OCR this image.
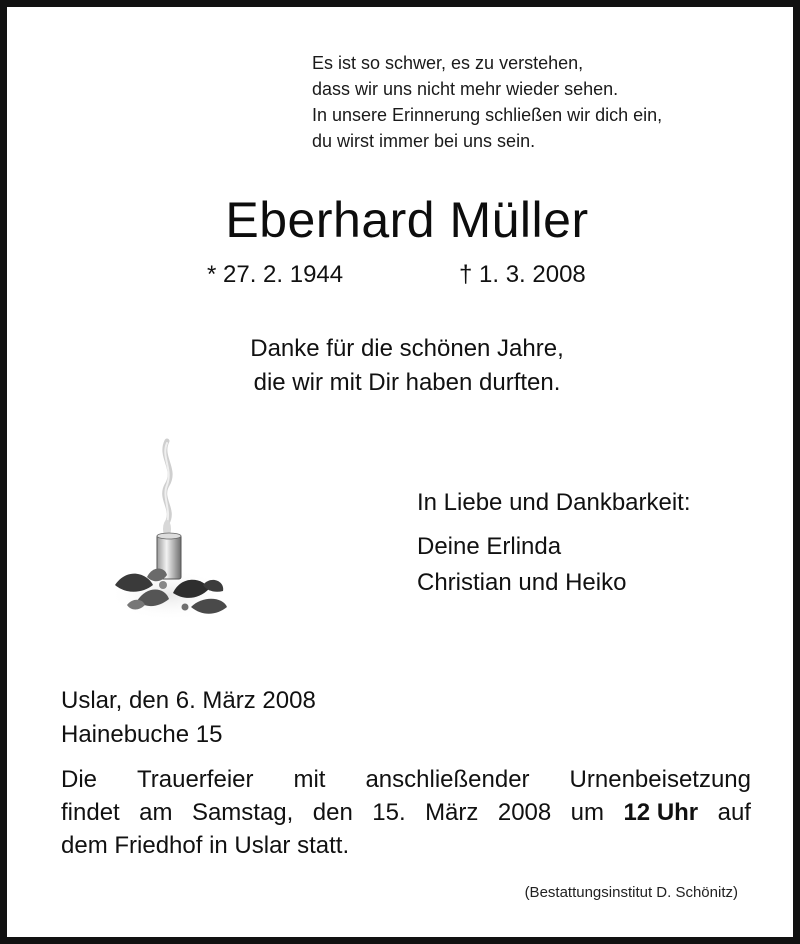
Es ist so schwer, es zu verstehen,
dass wir uns nicht mehr wieder sehen.
In unsere Erinnerung schließen wir dich ein,
du wirst immer bei uns sein.
Eberhard Müller
* 27. 2. 1944	† 1. 3. 2008
Danke für die schönen Jahre,
die wir mit Dir haben durften.
In Liebe und Dankbarkeit:
Deine Erlinda
Christian und Heiko
Uslar, den 6. März 2008
Hainebuche 15
Die Trauerfeier mit anschließender Urnenbeisetzung
findet am Samstag, den 15. März 2008 um 12 Uhr auf
dem Friedhof in Uslar statt.
(Bestattungsinstitut D. Schönitz)
